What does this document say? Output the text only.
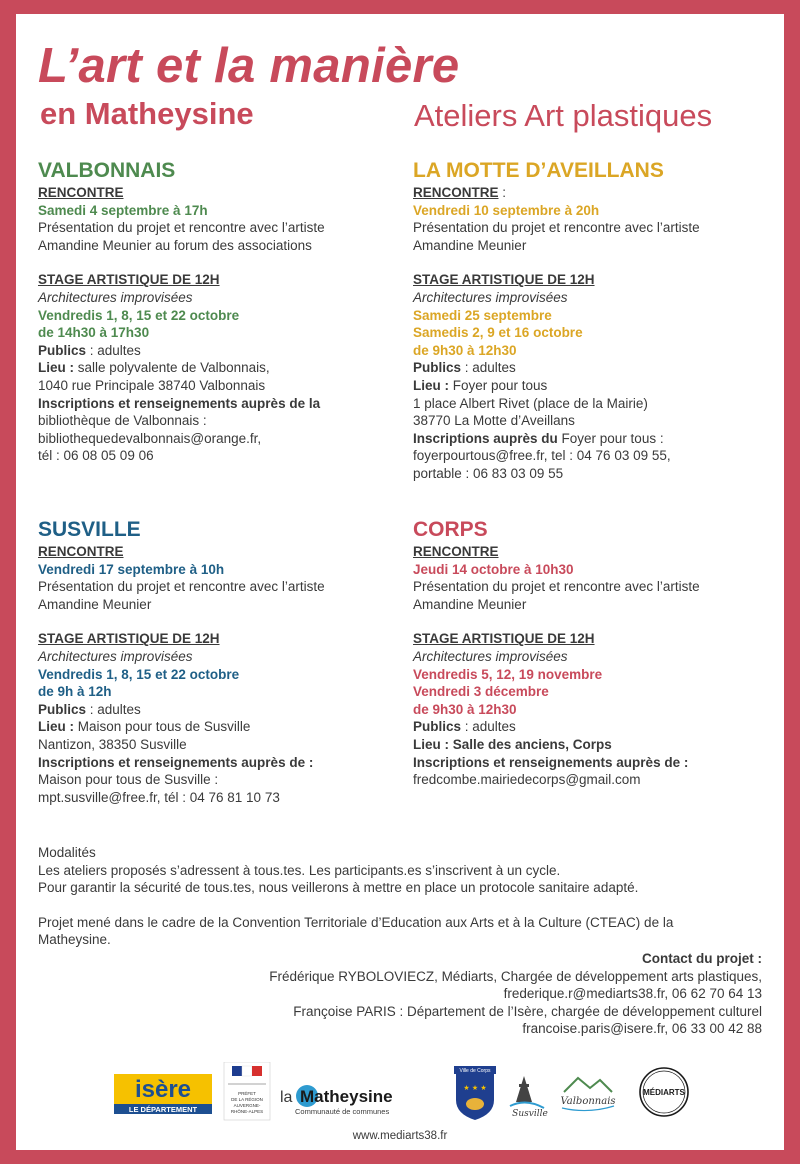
L’art et la manière
en Matheysine	Ateliers Art plastiques
VALBONNAIS
RENCONTRE
Samedi 4 septembre à 17h
Présentation du projet et rencontre avec l’artiste
Amandine Meunier au forum des associations
STAGE ARTISTIQUE DE 12H
Architectures improvisées
Vendredis 1, 8, 15 et 22 octobre
de 14h30 à 17h30
Publics : adultes
Lieu : salle polyvalente de Valbonnais,
1040 rue Principale 38740 Valbonnais
Inscriptions et renseignements auprès de la
bibliothèque de Valbonnais :
bibliothequedevalbonnais@orange.fr,
tél : 06 08 05 09 06
LA MOTTE D’AVEILLANS
RENCONTRE :
Vendredi 10 septembre à 20h
Présentation du projet et rencontre avec l’artiste
Amandine Meunier
STAGE ARTISTIQUE DE 12H
Architectures improvisées
Samedi 25 septembre
Samedis 2, 9 et 16 octobre
de 9h30 à 12h30
Publics : adultes
Lieu : Foyer pour tous
1 place Albert Rivet (place de la Mairie)
38770 La Motte d’Aveillans
Inscriptions auprès du Foyer pour tous :
foyerpourtous@free.fr, tel : 04 76 03 09 55,
portable : 06 83 03 09 55
SUSVILLE
RENCONTRE
Vendredi 17 septembre à 10h
Présentation du projet et rencontre avec l’artiste
Amandine Meunier
STAGE ARTISTIQUE DE 12H
Architectures improvisées
Vendredis 1, 8, 15 et 22 octobre
de 9h à 12h
Publics : adultes
Lieu : Maison pour tous de Susville
Nantizon, 38350 Susville
Inscriptions et renseignements auprès de :
Maison pour tous de Susville :
mpt.susville@free.fr, tél : 04 76 81 10 73
CORPS
RENCONTRE
Jeudi 14 octobre à 10h30
Présentation du projet et rencontre avec l’artiste
Amandine Meunier
STAGE ARTISTIQUE DE 12H
Architectures improvisées
Vendredis 5, 12, 19 novembre
Vendredi 3 décembre
de 9h30 à 12h30
Publics : adultes
Lieu : Salle des anciens, Corps
Inscriptions et renseignements auprès de :
fredcombe.mairiedecorps@gmail.com
Modalités
Les ateliers proposés s’adressent à tous.tes. Les participants.es s’inscrivent à un cycle.
Pour garantir la sécurité de tous.tes, nous veillerons à mettre en place un protocole sanitaire adapté.
Projet mené dans le cadre de la Convention Territoriale d’Education aux Arts et à la Culture (CTEAC) de la
Matheysine.
Contact du projet :
Frédérique RYBOLOVIECZ, Médiarts, Chargée de développement arts plastiques,
frederique.r@mediarts38.fr, 06 62 70 64 13
Françoise PARIS : Département de l’Isère, chargée de développement culturel
francoise.paris@isere.fr, 06 33 00 42 88
isère
LE DÉPARTEMENT
PRÉFET
DE LA RÉGION
AUVERGNE-
RHÔNE-ALPES
la Matheysine
Communauté de communes
Ville de Corps
★ ★ ★
Susville
Valbonnais
MÉDIARTS
www.mediarts38.fr
